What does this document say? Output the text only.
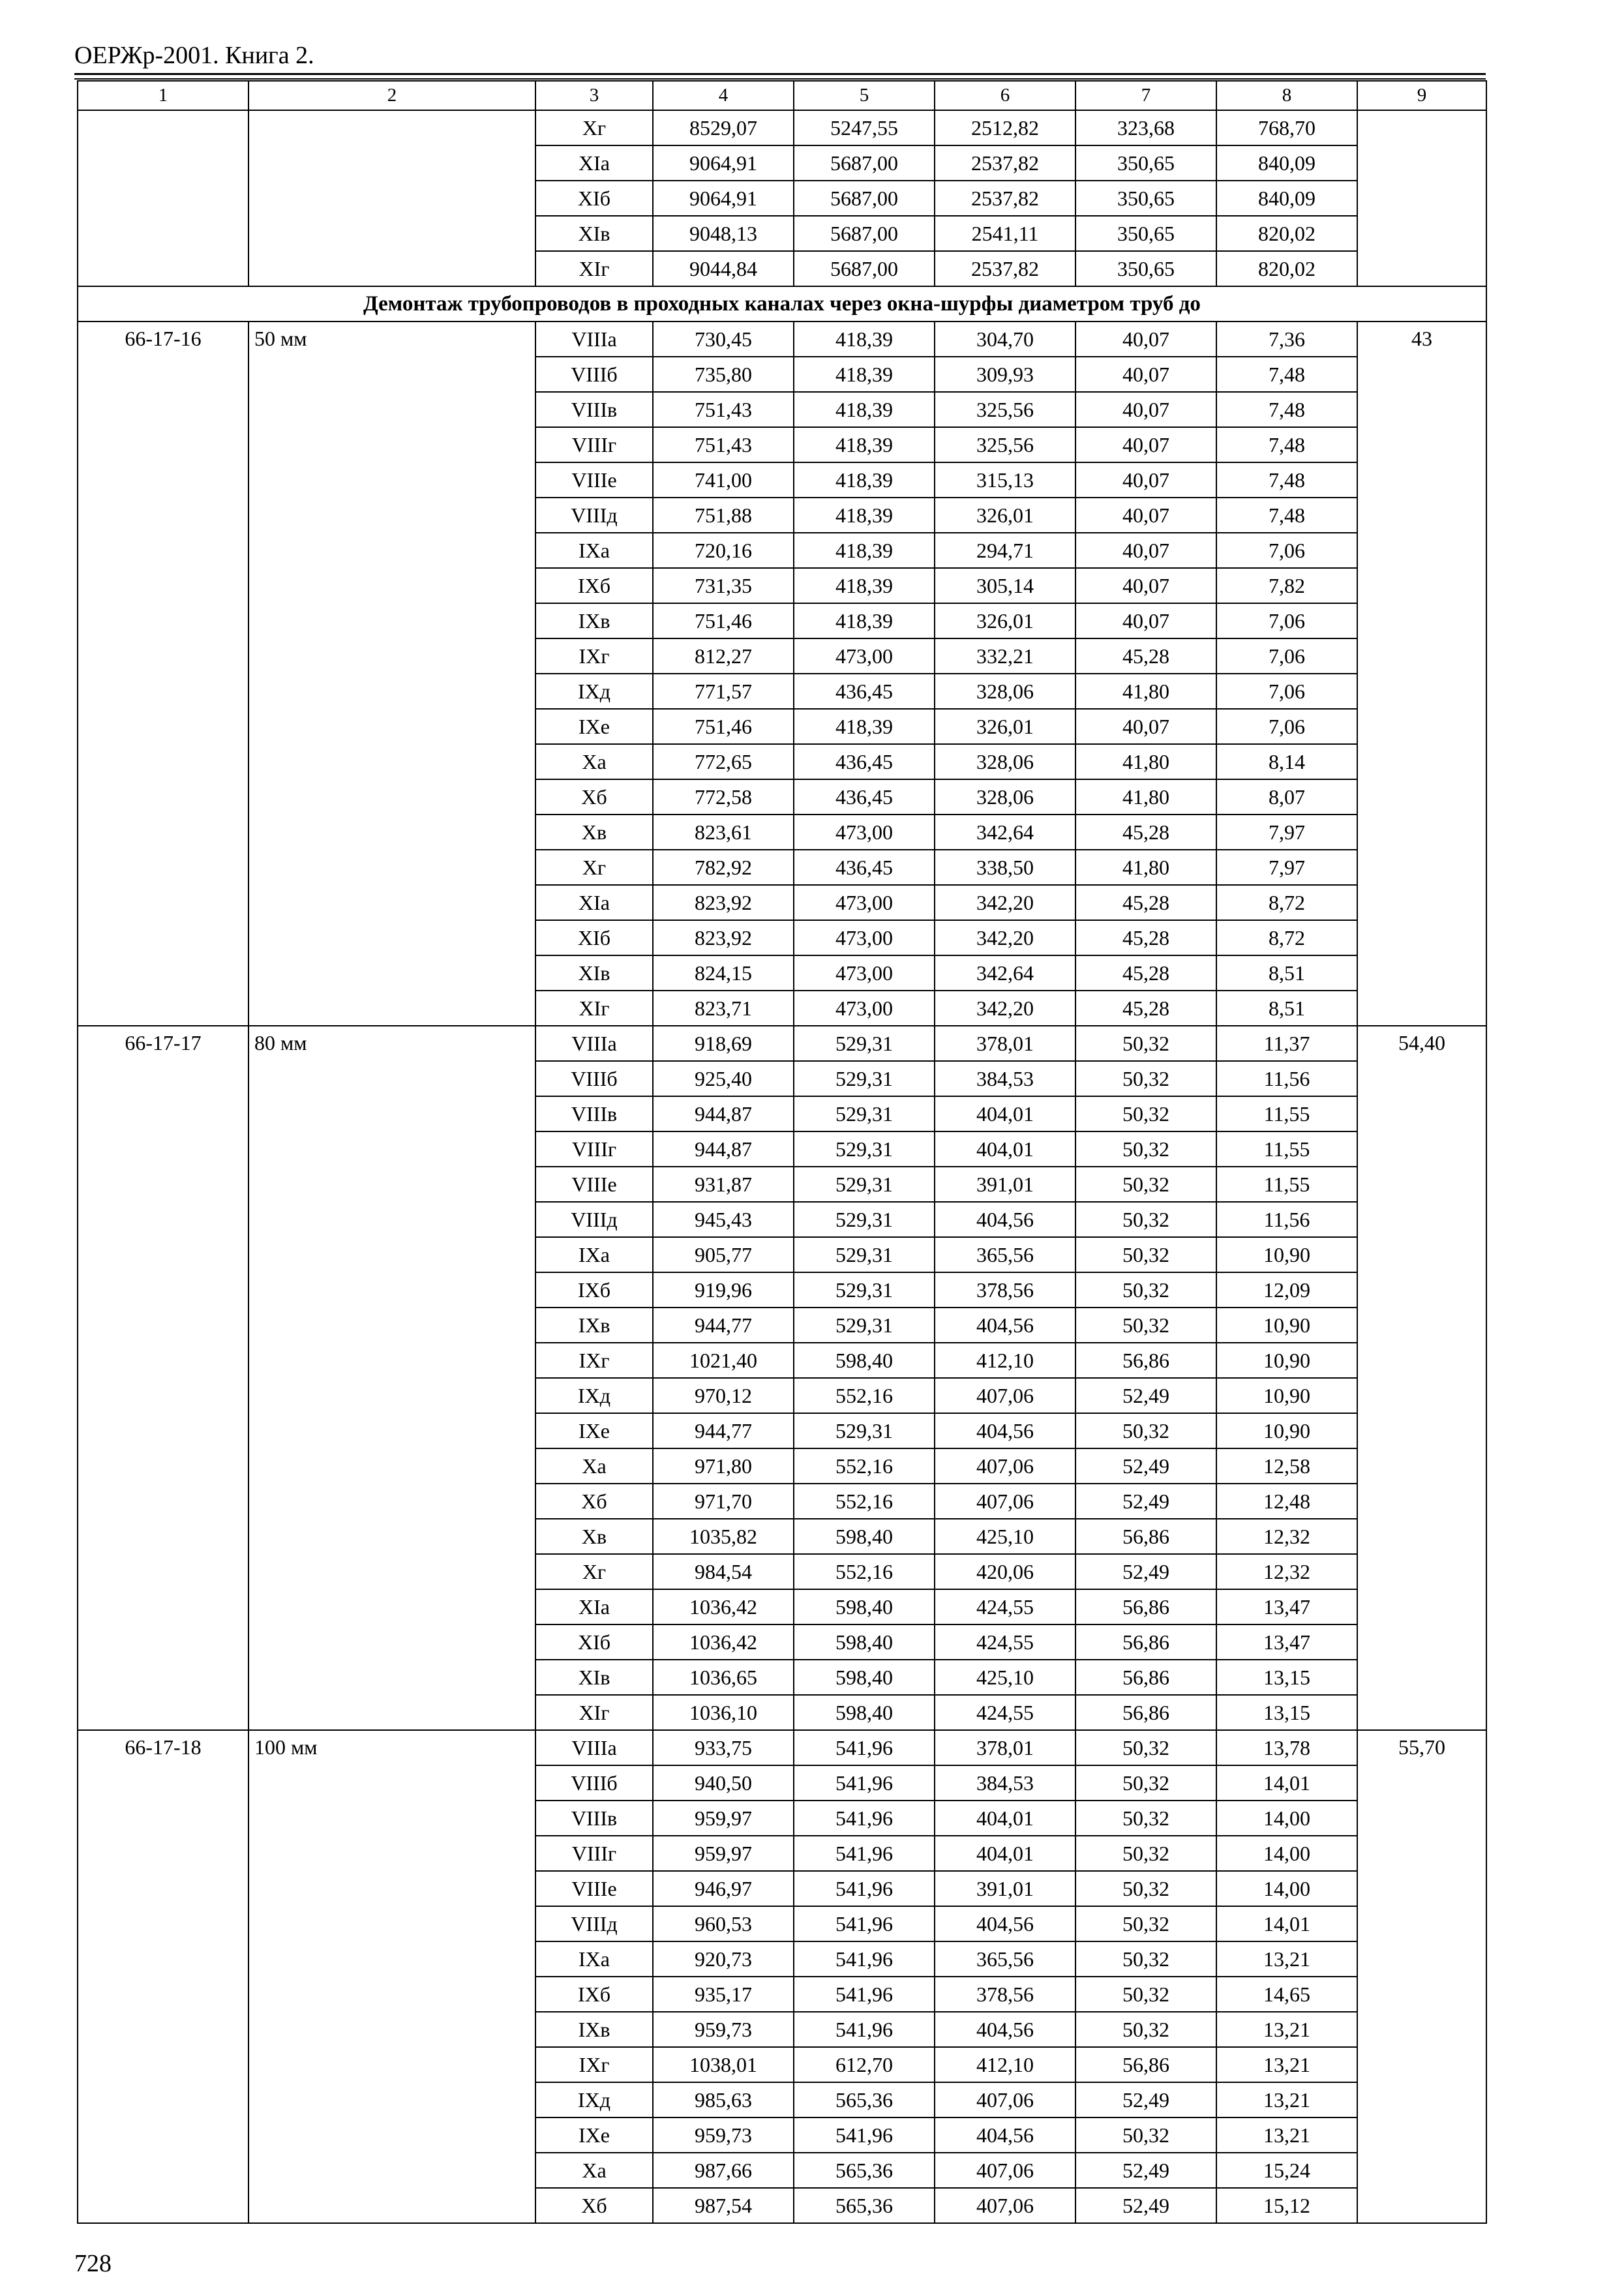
ОЕРЖр-2001. Книга 2.
1	2	3	4	5	6	7	8	9
		Xг	8529,07	5247,55	2512,82	323,68	768,70	
		XIа	9064,91	5687,00	2537,82	350,65	840,09	
		XIб	9064,91	5687,00	2537,82	350,65	840,09	
		XIв	9048,13	5687,00	2541,11	350,65	820,02	
		XIг	9044,84	5687,00	2537,82	350,65	820,02	
Демонтаж трубопроводов в проходных каналах через окна-шурфы диаметром труб до								
66-17-16	50 мм	VIIIа	730,45	418,39	304,70	40,07	7,36	43
		VIIIб	735,80	418,39	309,93	40,07	7,48	
		VIIIв	751,43	418,39	325,56	40,07	7,48	
		VIIIг	751,43	418,39	325,56	40,07	7,48	
		VIIIе	741,00	418,39	315,13	40,07	7,48	
		VIIIд	751,88	418,39	326,01	40,07	7,48	
		IXа	720,16	418,39	294,71	40,07	7,06	
		IXб	731,35	418,39	305,14	40,07	7,82	
		IXв	751,46	418,39	326,01	40,07	7,06	
		IXг	812,27	473,00	332,21	45,28	7,06	
		IXд	771,57	436,45	328,06	41,80	7,06	
		IXе	751,46	418,39	326,01	40,07	7,06	
		Xа	772,65	436,45	328,06	41,80	8,14	
		Xб	772,58	436,45	328,06	41,80	8,07	
		Xв	823,61	473,00	342,64	45,28	7,97	
		Xг	782,92	436,45	338,50	41,80	7,97	
		XIа	823,92	473,00	342,20	45,28	8,72	
		XIб	823,92	473,00	342,20	45,28	8,72	
		XIв	824,15	473,00	342,64	45,28	8,51	
		XIг	823,71	473,00	342,20	45,28	8,51	
66-17-17	80 мм	VIIIа	918,69	529,31	378,01	50,32	11,37	54,40
		VIIIб	925,40	529,31	384,53	50,32	11,56	
		VIIIв	944,87	529,31	404,01	50,32	11,55	
		VIIIг	944,87	529,31	404,01	50,32	11,55	
		VIIIе	931,87	529,31	391,01	50,32	11,55	
		VIIIд	945,43	529,31	404,56	50,32	11,56	
		IXа	905,77	529,31	365,56	50,32	10,90	
		IXб	919,96	529,31	378,56	50,32	12,09	
		IXв	944,77	529,31	404,56	50,32	10,90	
		IXг	1021,40	598,40	412,10	56,86	10,90	
		IXд	970,12	552,16	407,06	52,49	10,90	
		IXе	944,77	529,31	404,56	50,32	10,90	
		Xа	971,80	552,16	407,06	52,49	12,58	
		Xб	971,70	552,16	407,06	52,49	12,48	
		Xв	1035,82	598,40	425,10	56,86	12,32	
		Xг	984,54	552,16	420,06	52,49	12,32	
		XIа	1036,42	598,40	424,55	56,86	13,47	
		XIб	1036,42	598,40	424,55	56,86	13,47	
		XIв	1036,65	598,40	425,10	56,86	13,15	
		XIг	1036,10	598,40	424,55	56,86	13,15	
66-17-18	100 мм	VIIIа	933,75	541,96	378,01	50,32	13,78	55,70
		VIIIб	940,50	541,96	384,53	50,32	14,01	
		VIIIв	959,97	541,96	404,01	50,32	14,00	
		VIIIг	959,97	541,96	404,01	50,32	14,00	
		VIIIе	946,97	541,96	391,01	50,32	14,00	
		VIIIд	960,53	541,96	404,56	50,32	14,01	
		IXа	920,73	541,96	365,56	50,32	13,21	
		IXб	935,17	541,96	378,56	50,32	14,65	
		IXв	959,73	541,96	404,56	50,32	13,21	
		IXг	1038,01	612,70	412,10	56,86	13,21	
		IXд	985,63	565,36	407,06	52,49	13,21	
		IXе	959,73	541,96	404,56	50,32	13,21	
		Xа	987,66	565,36	407,06	52,49	15,24	
		Xб	987,54	565,36	407,06	52,49	15,12	
728
